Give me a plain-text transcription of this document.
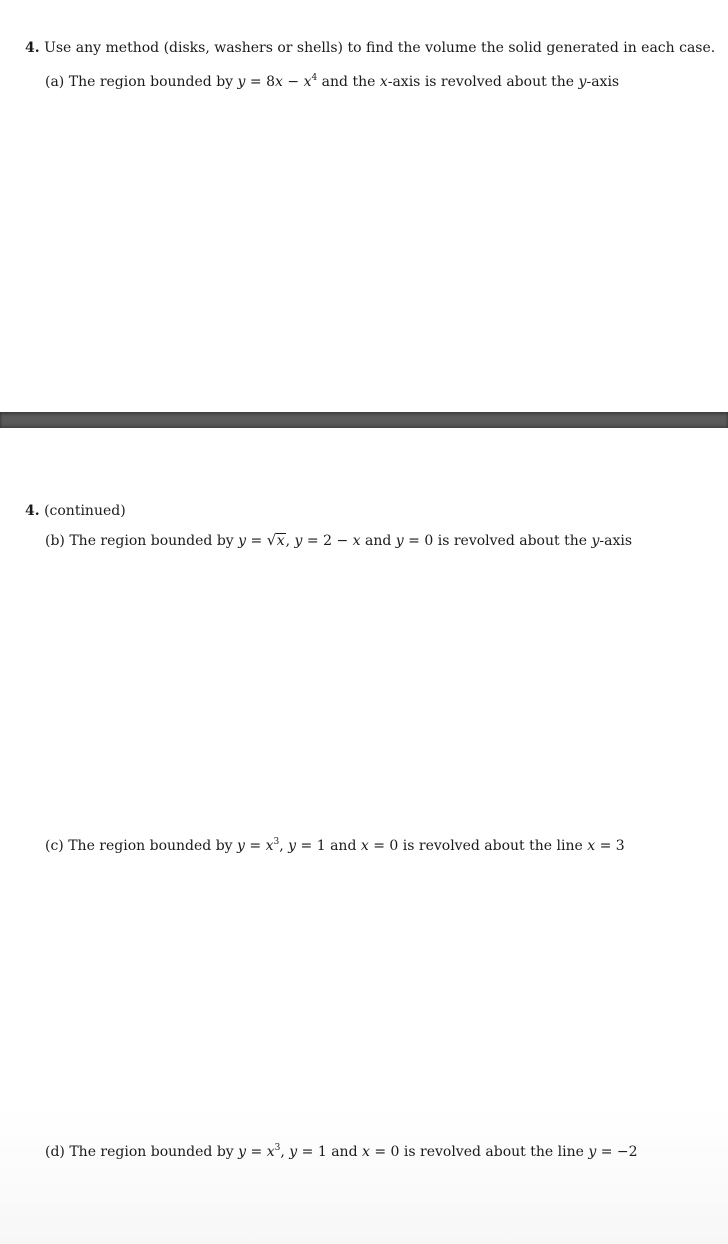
4. Use any method (disks, washers or shells) to find the volume the solid generated in each case.
(a) The region bounded by $y = 8x - x^4$ and the x-axis is revolved about the y-axis
4. (continued)
(b) The region bounded by y = √ x, y = 2 − x and y = 0 is revolved about the y-axis
(c) The region bounded by $y = x^3$, y = 1 and x = 0 is revolved about the line x = 3
(d) The region bounded by $y = x^3$, y = 1 and x = 0 is revolved about the line y = −2
